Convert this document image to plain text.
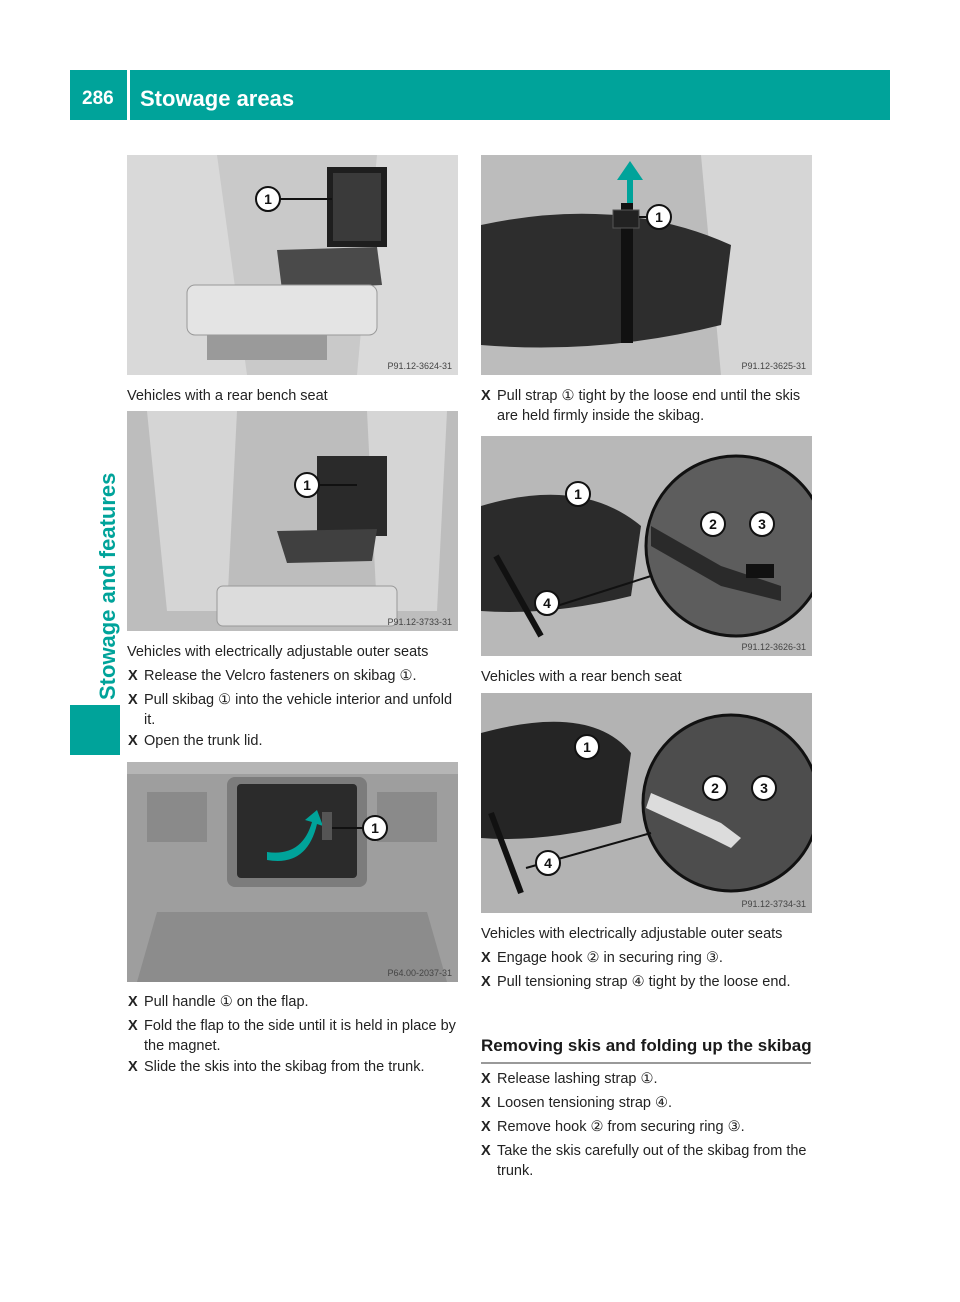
286 Stowage areas
Stowage and features
1
P91.12-3624-31
Vehicles with a rear bench seat
1
P91.12-3733-31
Vehicles with electrically adjustable outer seats
X Release the Velcro fasteners on skibag ①.
X Pull skibag ① into the vehicle interior and unfold it.
X Open the trunk lid.
1
P64.00-2037-31
X Pull handle ① on the flap.
X Fold the flap to the side until it is held in place by the magnet.
X Slide the skis into the skibag from the trunk.
1
P91.12-3625-31
X Pull strap ① tight by the loose end until the skis are held firmly inside the skibag.
1
2	3
4
P91.12-3626-31
Vehicles with a rear bench seat
1
2	3
4
P91.12-3734-31
Vehicles with electrically adjustable outer seats
X Engage hook ② in securing ring ③.
X Pull tensioning strap ④ tight by the loose end.
Removing skis and folding up the skibag
X Release lashing strap ①.
X Loosen tensioning strap ④.
X Remove hook ② from securing ring ③.
X Take the skis carefully out of the skibag from the trunk.
